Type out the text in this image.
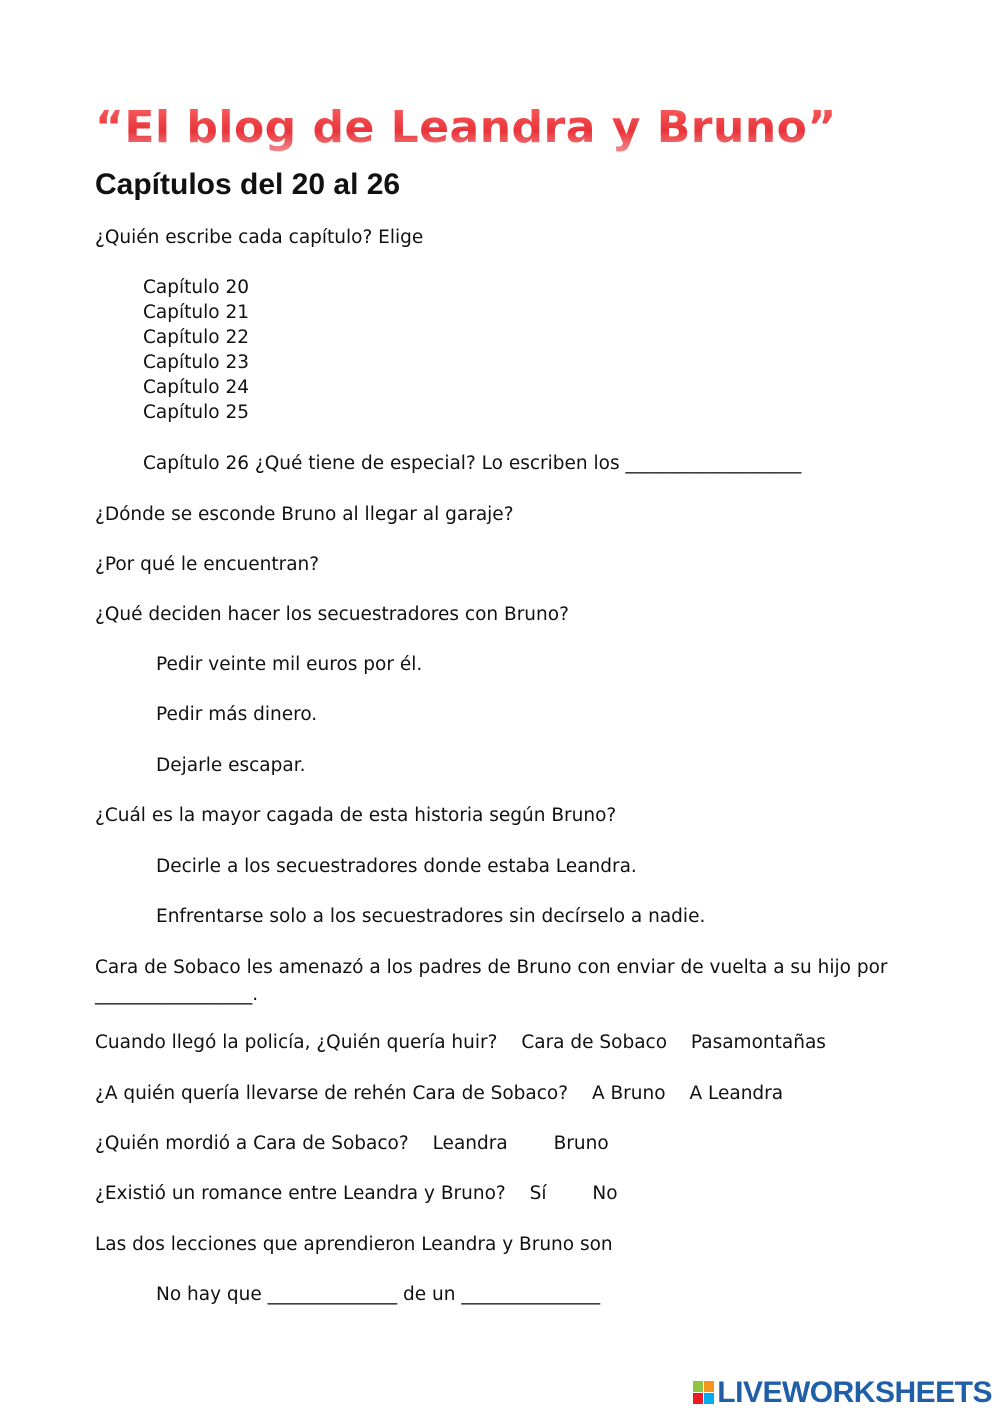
“El blog de Leandra y Bruno”
Capítulos del 20 al 26
¿Quién escribe cada capítulo? Elige
Capítulo 20
Capítulo 21
Capítulo 22
Capítulo 23
Capítulo 24
Capítulo 25
Capítulo 26 ¿Qué tiene de especial? Lo escriben los ___________________
¿Dónde se esconde Bruno al llegar al garaje?
¿Por qué le encuentran?
¿Qué deciden hacer los secuestradores con Bruno?
Pedir veinte mil euros por él.
Pedir más dinero.
Dejarle escapar.
¿Cuál es la mayor cagada de esta historia según Bruno?
Decirle a los secuestradores donde estaba Leandra.
Enfrentarse solo a los secuestradores sin decírselo a nadie.
Cara de Sobaco les amenazó a los padres de Bruno con enviar de vuelta a su hijo por
_________________.
Cuando llegó la policía, ¿Quién quería huir? Cara de Sobaco Pasamontañas
¿A quién quería llevarse de rehén Cara de Sobaco? A Bruno A Leandra
¿Quién mordió a Cara de Sobaco? Leandra Bruno
¿Existió un romance entre Leandra y Bruno? Sí No
Las dos lecciones que aprendieron Leandra y Bruno son
No hay que ______________ de un _______________
LIVEWORKSHEETS
